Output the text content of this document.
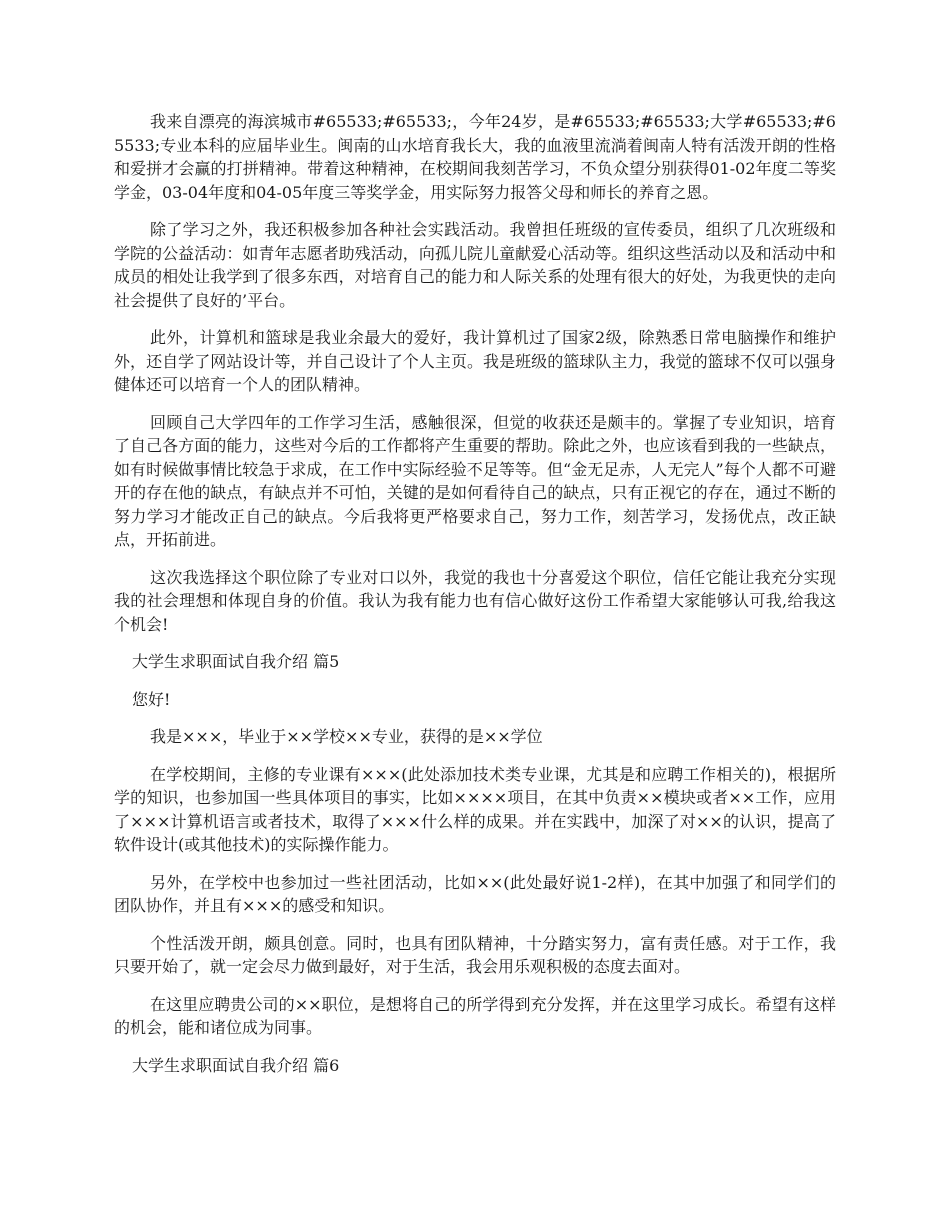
我来自漂亮的海滨城市#65533;#65533;，今年24岁，是#65533;#65533;大学#65533;#65533;专业本科的应届毕业生。闽南的山水培育我长大，我的血液里流淌着闽南人特有活泼开朗的性格和爱拼才会赢的打拼精神。带着这种精神，在校期间我刻苦学习，不负众望分别获得01-02年度二等奖学金，03-04年度和04-05年度三等奖学金，用实际努力报答父母和师长的养育之恩。

除了学习之外，我还积极参加各种社会实践活动。我曾担任班级的宣传委员，组织了几次班级和学院的公益活动：如青年志愿者助残活动，向孤儿院儿童献爱心活动等。组织这些活动以及和活动中和成员的相处让我学到了很多东西，对培育自己的能力和人际关系的处理有很大的好处，为我更快的走向社会提供了良好的’平台。

此外，计算机和篮球是我业余最大的爱好，我计算机过了国家2级，除熟悉日常电脑操作和维护外，还自学了网站设计等，并自己设计了个人主页。我是班级的篮球队主力，我觉的篮球不仅可以强身健体还可以培育一个人的团队精神。

回顾自己大学四年的工作学习生活，感触很深，但觉的收获还是颇丰的。掌握了专业知识，培育了自己各方面的能力，这些对今后的工作都将产生重要的帮助。除此之外，也应该看到我的一些缺点，如有时候做事情比较急于求成，在工作中实际经验不足等等。但“金无足赤，人无完人”每个人都不可避开的存在他的缺点，有缺点并不可怕，关键的是如何看待自己的缺点，只有正视它的存在，通过不断的努力学习才能改正自己的缺点。今后我将更严格要求自己，努力工作，刻苦学习，发扬优点，改正缺点，开拓前进。

这次我选择这个职位除了专业对口以外，我觉的我也十分喜爱这个职位，信任它能让我充分实现我的社会理想和体现自身的价值。我认为我有能力也有信心做好这份工作希望大家能够认可我,给我这个机会!

大学生求职面试自我介绍 篇5

您好!

我是×××，毕业于××学校××专业，获得的是××学位

在学校期间，主修的专业课有×××(此处添加技术类专业课，尤其是和应聘工作相关的)，根据所学的知识，也参加国一些具体项目的事实，比如××××项目，在其中负责××模块或者××工作，应用了×××计算机语言或者技术，取得了×××什么样的成果。并在实践中，加深了对××的认识，提高了软件设计(或其他技术)的实际操作能力。

另外，在学校中也参加过一些社团活动，比如××(此处最好说1-2样)，在其中加强了和同学们的团队协作，并且有×××的感受和知识。

个性活泼开朗，颇具创意。同时，也具有团队精神，十分踏实努力，富有责任感。对于工作，我只要开始了，就一定会尽力做到最好，对于生活，我会用乐观积极的态度去面对。

在这里应聘贵公司的××职位，是想将自己的所学得到充分发挥，并在这里学习成长。希望有这样的机会，能和诸位成为同事。

大学生求职面试自我介绍 篇6
